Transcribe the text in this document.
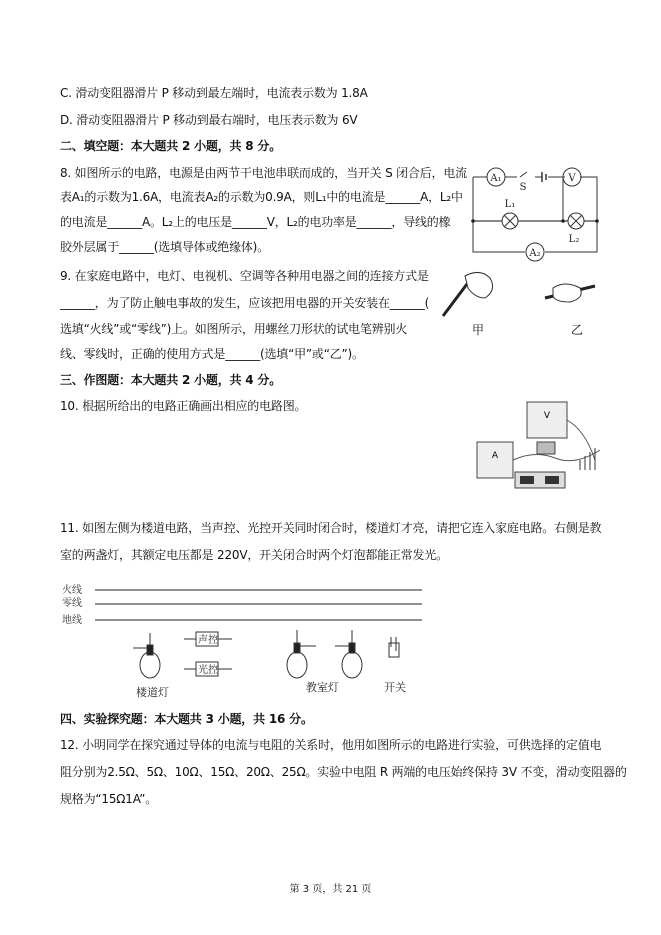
C. 滑动变阻器滑片 P 移动到最左端时，电流表示数为 1.8A
D. 滑动变阻器滑片 P 移动到最右端时，电压表示数为 6V
二、填空题：本大题共 2 小题，共 8 分。
8. 如图所示的电路，电源是由两节干电池串联而成的，当开关 S 闭合后，电流
表A₁的示数为1.6A，电流表A₂的示数为0.9A，则L₁中的电流是______A，L₂中
的电流是______A。L₂上的电压是______V，L₂的电功率是______，导线的橡
胶外层属于______(选填导体或绝缘体)。
9. 在家庭电路中，电灯、电视机、空调等各种用电器之间的连接方式是
______，为了防止触电事故的发生，应该把用电器的开关安装在______(
选填“火线”或“零线”)上。如图所示，用螺丝刀形状的试电笔辨别火
线、零线时，正确的使用方式是______(选填“甲”或“乙”)。
三、作图题：本大题共 2 小题，共 4 分。
10. 根据所给出的电路正确画出相应的电路图。
11. 如图左侧为楼道电路，当声控、光控开关同时闭合时，楼道灯才亮，请把它连入家庭电路。右侧是教
室的两盏灯，其额定电压都是 220V，开关闭合时两个灯泡都能正常发光。
四、实验探究题：本大题共 3 小题，共 16 分。
12. 小明同学在探究通过导体的电流与电阻的关系时，他用如图所示的电路进行实验，可供选择的定值电
阻分别为2.5Ω、5Ω、10Ω、15Ω、20Ω、25Ω。实验中电阻 R 两端的电压始终保持 3V 不变，滑动变阻器的
规格为“15Ω1A”。
A₁
S
V
L₁
L₂
A₂
甲	乙
V
A
火线
零线
地线
声控
光控
楼道灯	教室灯	开关
第 3 页，共 21 页
